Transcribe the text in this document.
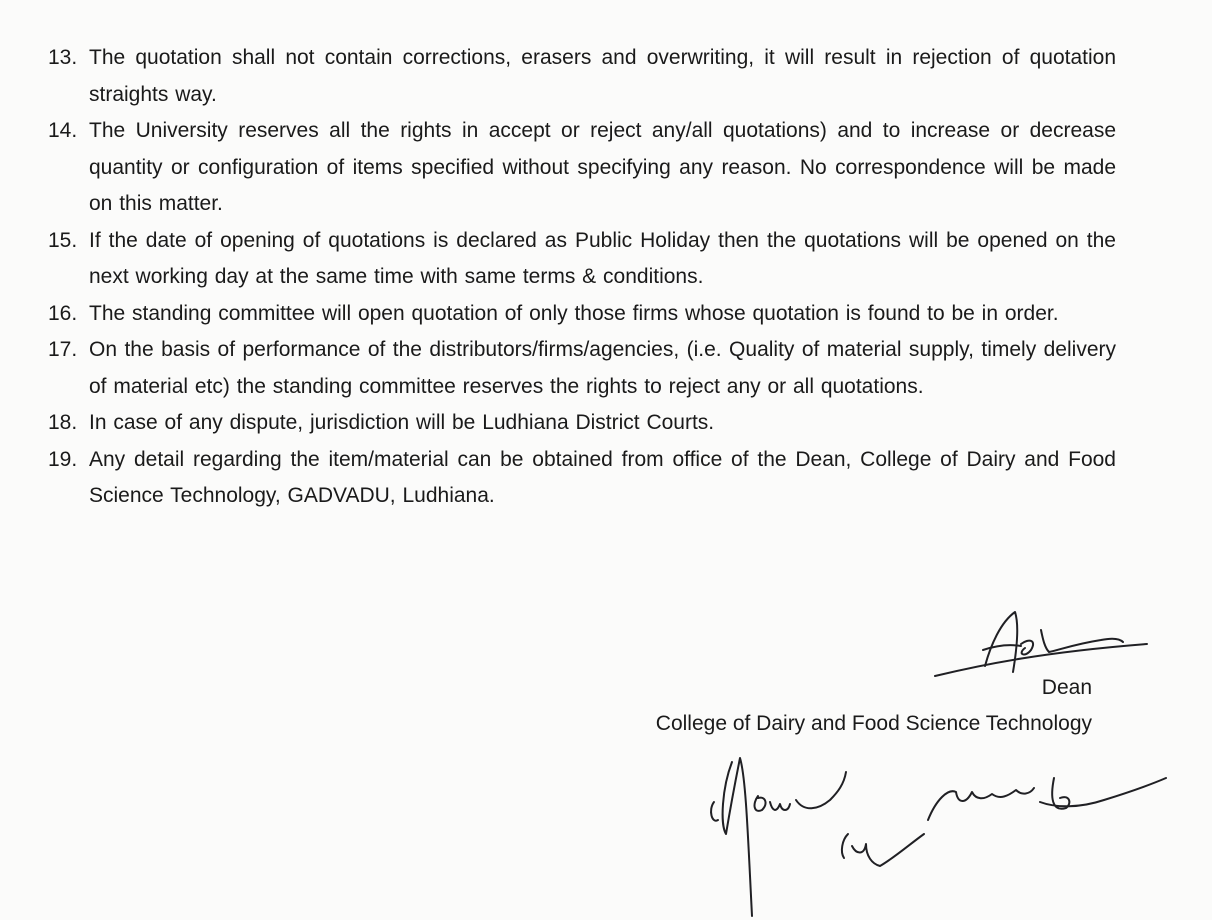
13. The quotation shall not contain corrections, erasers and overwriting, it will result in rejection of quotation straights way.
14. The University reserves all the rights in accept or reject any/all quotations) and to increase or decrease quantity or configuration of items specified without specifying any reason. No correspondence will be made on this matter.
15. If the date of opening of quotations is declared as Public Holiday then the quotations will be opened on the next working day at the same time with same terms & conditions.
16. The standing committee will open quotation of only those firms whose quotation is found to be in order.
17. On the basis of performance of the distributors/firms/agencies, (i.e. Quality of material supply, timely delivery of material etc) the standing committee reserves the rights to reject any or all quotations.
18. In case of any dispute, jurisdiction will be Ludhiana District Courts.
19. Any detail regarding the item/material can be obtained from office of the Dean, College of Dairy and Food Science Technology, GADVADU, Ludhiana.
Dean
College of Dairy and Food Science Technology
